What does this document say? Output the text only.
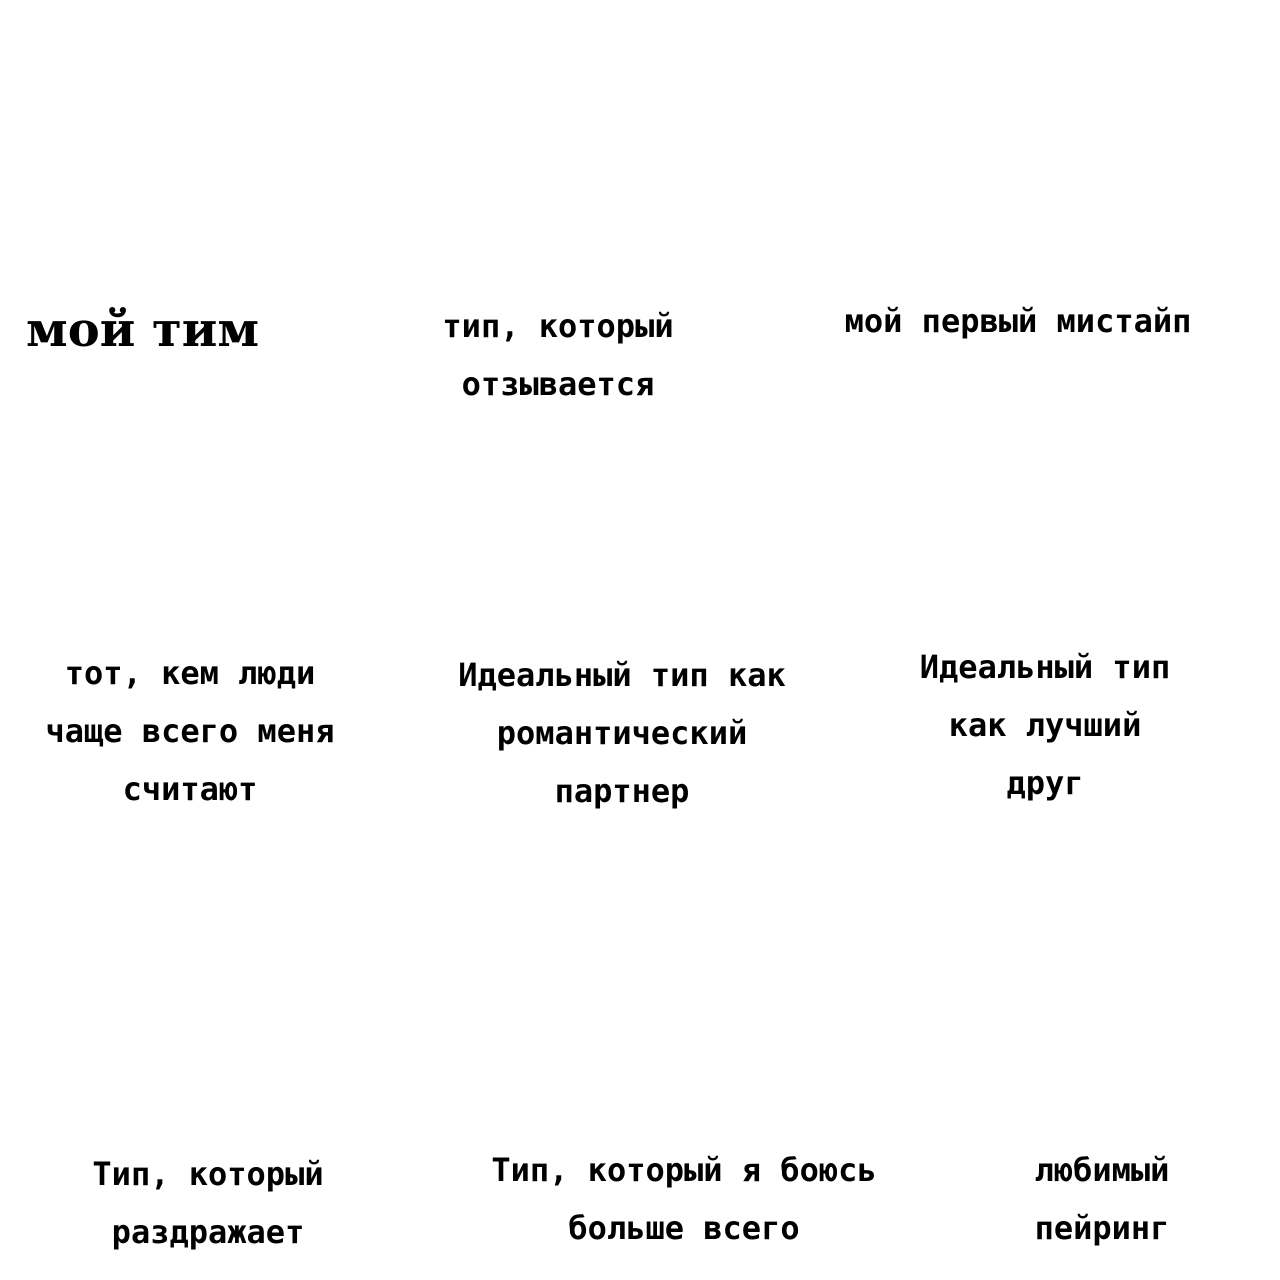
мой тим	тип, который
отзывается
мой первый мистайп
тот, кем люди
чаще всего меня
считают
Идеальный тип как
романтический
партнер
Идеальный тип
как лучший
друг
Тип, который
раздражает
Тип, который я боюсь
больше всего
любимый
пейринг
